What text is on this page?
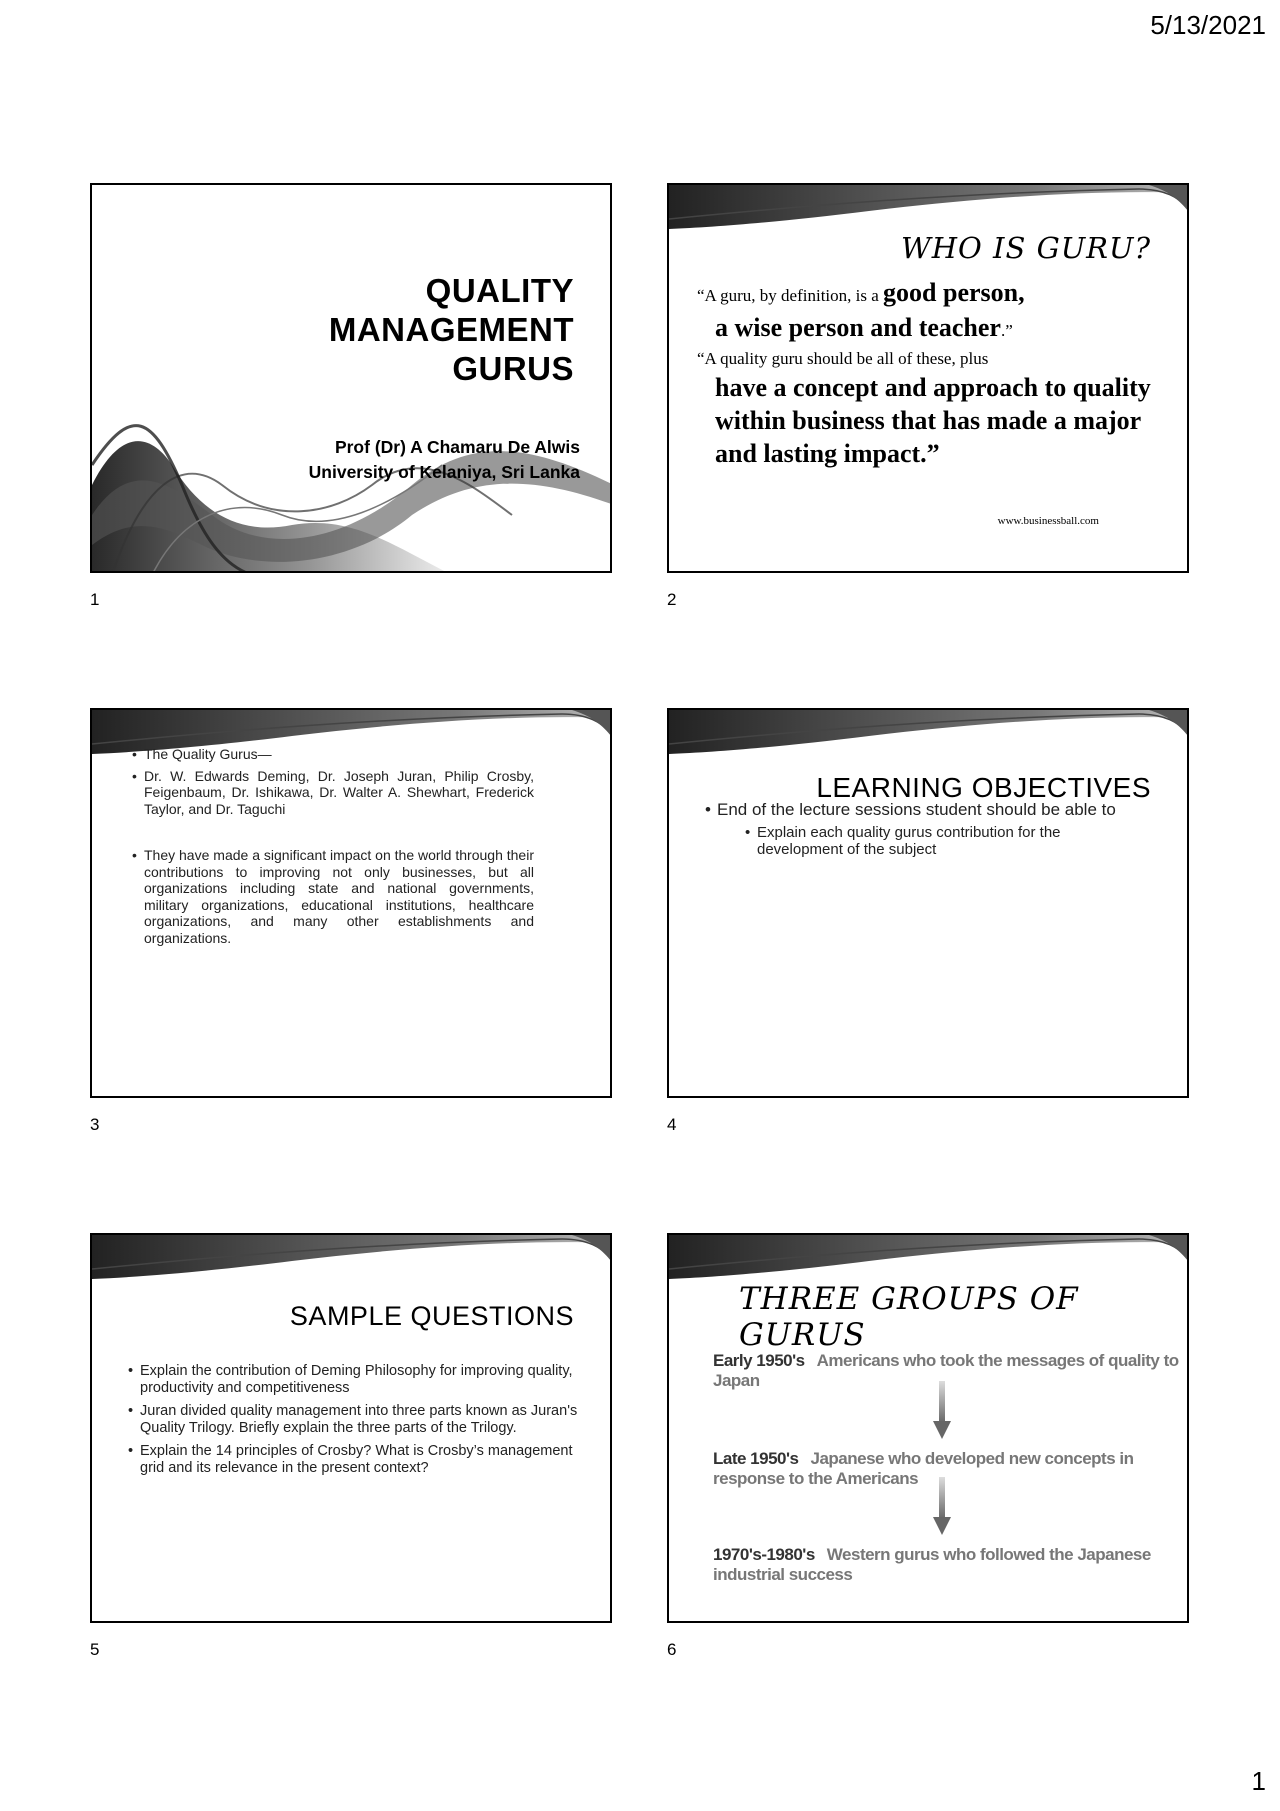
5/13/2021
QUALITY
MANAGEMENT
GURUS
Prof (Dr) A Chamaru De Alwis
University of Kelaniya, Sri Lanka
1
WHO IS GURU?
“A guru, by definition, is a good person,
a wise person and teacher.”
“A quality guru should be all of these, plus
have a concept and approach to quality within business that has made a major and lasting impact.”
www.businessball.com
2
• The Quality Gurus—
• Dr. W. Edwards Deming, Dr. Joseph Juran, Philip Crosby, Feigenbaum, Dr. Ishikawa, Dr. Walter A. Shewhart, Frederick Taylor, and Dr. Taguchi
• They have made a significant impact on the world through their contributions to improving not only businesses, but all organizations including state and national governments, military organizations, educational institutions, healthcare organizations, and many other establishments and organizations.
3
LEARNING OBJECTIVES
• End of the lecture sessions student should be able to
• Explain each quality gurus contribution for the development of the subject
4
SAMPLE QUESTIONS
• Explain the contribution of Deming Philosophy for improving quality, productivity and competitiveness
• Juran divided quality management into three parts known as Juran's Quality Trilogy. Briefly explain the three parts of the Trilogy.
• Explain the 14 principles of Crosby? What is Crosby’s management grid and its relevance in the present context?
5
THREE GROUPS OF GURUS
Early 1950's Americans who took the messages of quality to Japan
Late 1950's Japanese who developed new concepts in response to the Americans
1970's-1980's Western gurus who followed the Japanese industrial success
6
1
